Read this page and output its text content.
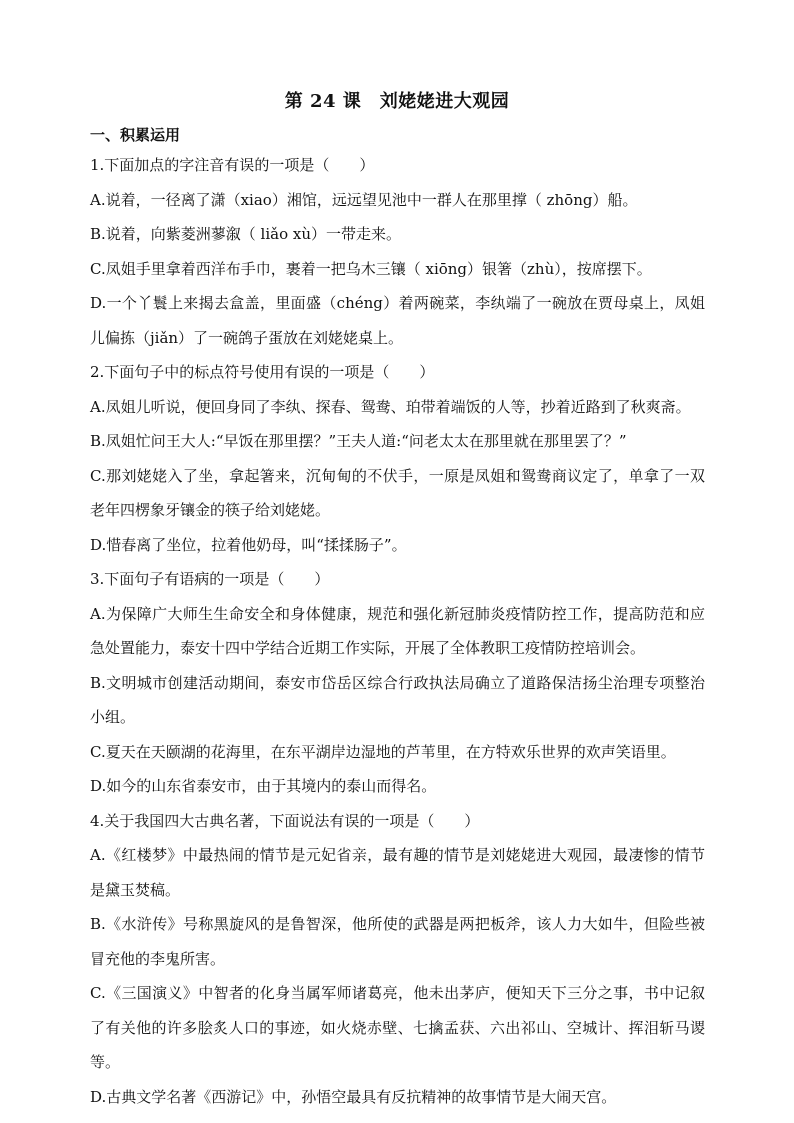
第 24 课　刘姥姥进大观园
一、积累运用

1.下面加点的字注音有误的一项是（　　）

A.说着，一径离了潇（xiao）湘馆，远远望见池中一群人在那里撑（ zhōng）船。

B.说着，向紫菱洲蓼溆（ liǎo xù）一带走来。

C.凤姐手里拿着西洋布手巾，裹着一把乌木三镶（ xiōng）银箸（zhù），按席摆下。

D.一个丫鬟上来揭去盒盖，里面盛（chéng）着两碗菜，李纨端了一碗放在贾母桌上，凤姐儿偏拣（jiǎn）了一碗鸽子蛋放在刘姥姥桌上。

2.下面句子中的标点符号使用有误的一项是（　　）

A.凤姐儿听说，便回身同了李纨、探春、鸳鸯、珀带着端饭的人等，抄着近路到了秋爽斋。

B.凤姐忙问王大人:“早饭在那里摆？”王夫人道:“问老太太在那里就在那里罢了？”

C.那刘姥姥入了坐，拿起箸来，沉甸甸的不伏手，一原是凤姐和鸳鸯商议定了，单拿了一双老年四楞象牙镶金的筷子给刘姥姥。

D.惜春离了坐位，拉着他奶母，叫“揉揉肠子”。

3.下面句子有语病的一项是（　　）

A.为保障广大师生生命安全和身体健康，规范和强化新冠肺炎疫情防控工作，提高防范和应急处置能力，泰安十四中学结合近期工作实际，开展了全体教职工疫情防控培训会。

B.文明城市创建活动期间，泰安市岱岳区综合行政执法局确立了道路保洁扬尘治理专项整治小组。

C.夏天在天颐湖的花海里，在东平湖岸边湿地的芦苇里，在方特欢乐世界的欢声笑语里。

D.如今的山东省泰安市，由于其境内的泰山而得名。

4.关于我国四大古典名著，下面说法有误的一项是（　　）

A.《红楼梦》中最热闹的情节是元妃省亲，最有趣的情节是刘姥姥进大观园，最凄惨的情节是黛玉焚稿。

B.《水浒传》号称黑旋风的是鲁智深，他所使的武器是两把板斧，该人力大如牛，但险些被冒充他的李鬼所害。

C.《三国演义》中智者的化身当属军师诸葛亮，他未出茅庐，便知天下三分之事，书中记叙了有关他的许多脍炙人口的事迹，如火烧赤壁、七擒孟获、六出祁山、空城计、挥泪斩马谡等。

D.古典文学名著《西游记》中，孙悟空最具有反抗精神的故事情节是大闹天宫。
